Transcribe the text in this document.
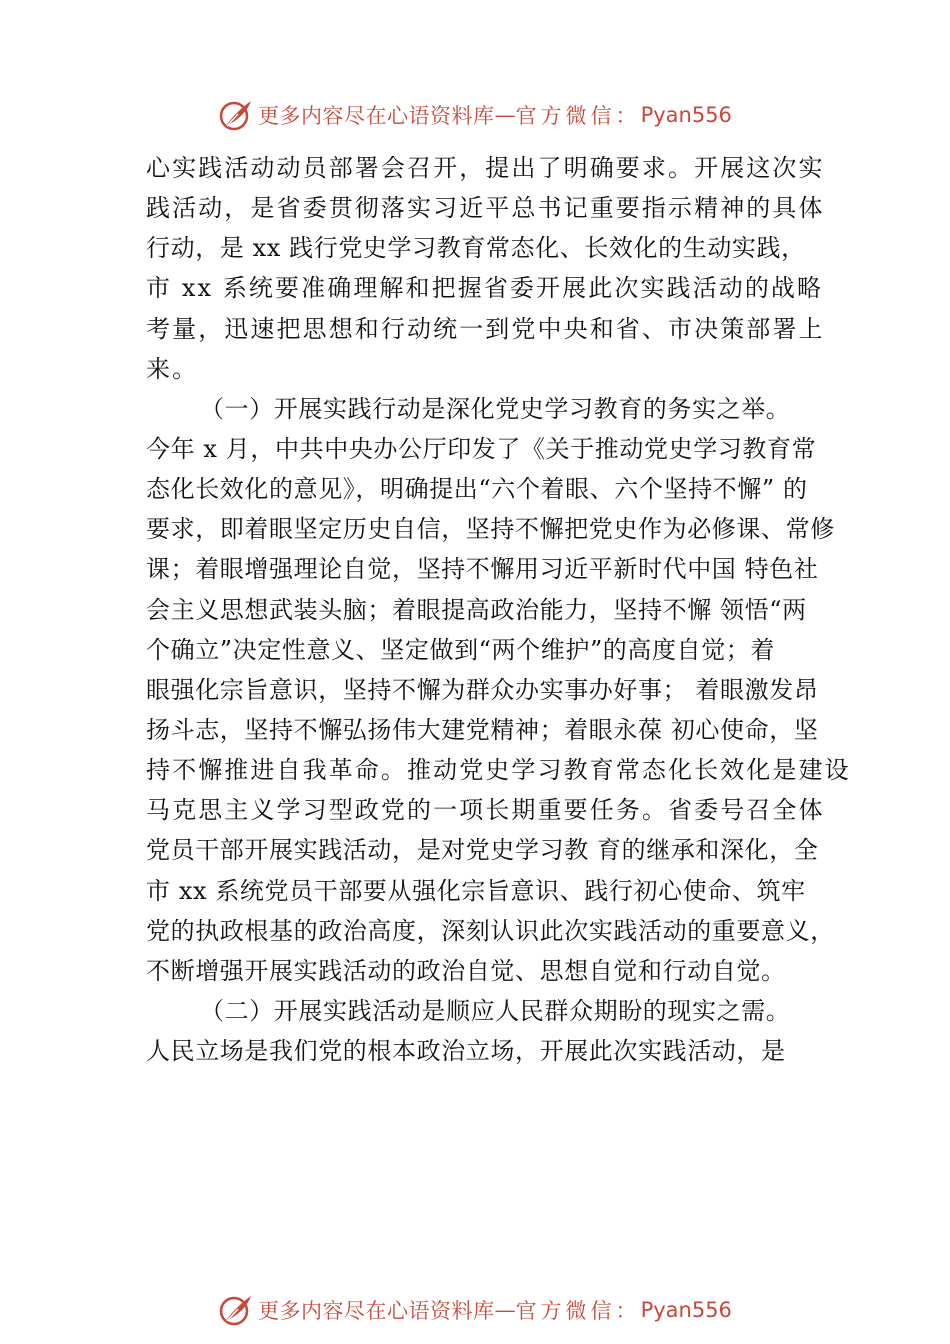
更多内容尽在心语资料库 — 官方微信： Pyan556
心实践活动动员部署会召开，提出了明确要求。开展这次实
践活动，是省委贯彻落实习近平总书记重要指示精神的具体
行动，是 xx 践行党史学习教育常态化、长效化的生动实践，
市 xx 系统要准确理解和把握省委开展此次实践活动的战略
考量，迅速把思想和行动统一到党中央和省、市决策部署上
来。
（一）开展实践行动是深化党史学习教育的务实之举。
今年 x 月，中共中央办公厅印发了《关于推动党史学习教育常
态化长效化的意见》，明确提出“六个着眼、六个坚持不懈” 的
要求，即着眼坚定历史自信，坚持不懈把党史作为必修课、常修
课；着眼增强理论自觉，坚持不懈用习近平新时代中国 特色社
会主义思想武装头脑；着眼提高政治能力，坚持不懈 领悟“两
个确立”决定性意义、坚定做到“两个维护”的高度自觉；着
眼强化宗旨意识，坚持不懈为群众办实事办好事； 着眼激发昂
扬斗志，坚持不懈弘扬伟大建党精神；着眼永葆 初心使命，坚
持不懈推进自我革命。推动党史学习教育常态化长效化是建设
马克思主义学习型政党的一项长期重要任务。省委号召全体
党员干部开展实践活动，是对党史学习教 育的继承和深化，全
市 xx 系统党员干部要从强化宗旨意识、践行初心使命、筑牢
党的执政根基的政治高度，深刻认识此次实践活动的重要意义，
不断增强开展实践活动的政治自觉、思想自觉和行动自觉。
（二）开展实践活动是顺应人民群众期盼的现实之需。
人民立场是我们党的根本政治立场，开展此次实践活动，是
更多内容尽在心语资料库 — 官方微信： Pyan556
